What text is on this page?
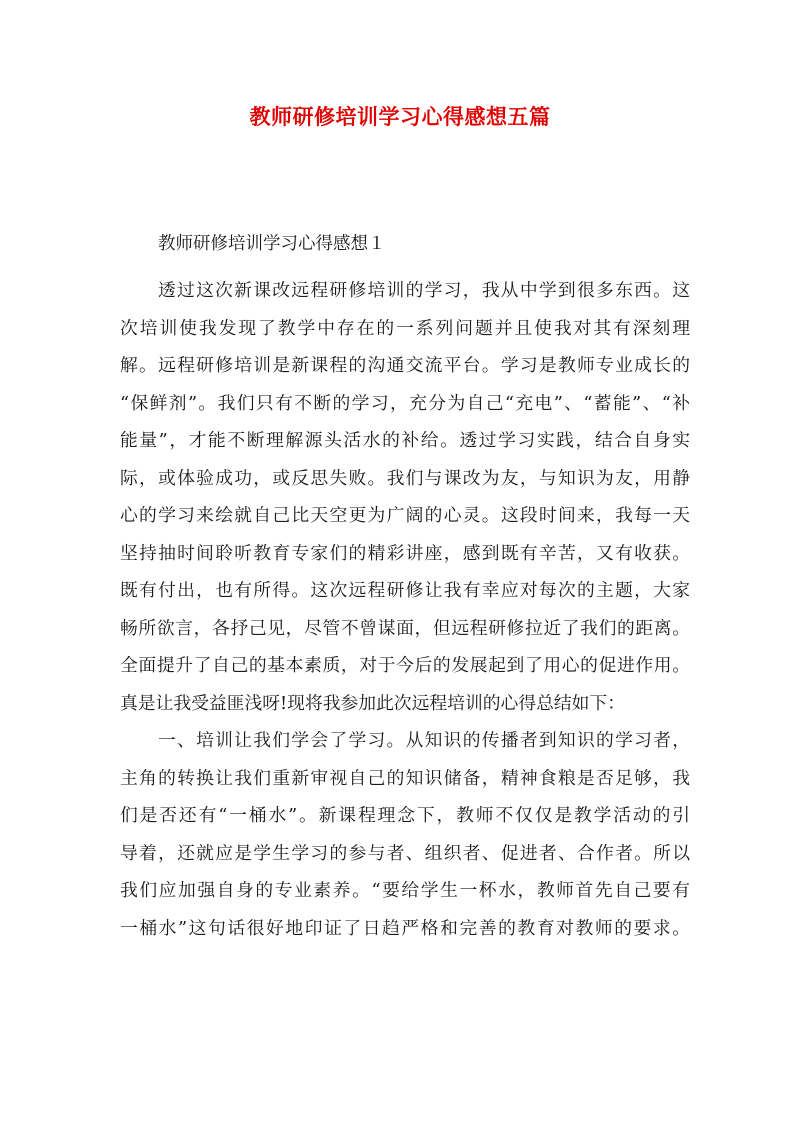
教师研修培训学习心得感想五篇
教师研修培训学习心得感想１

透过这次新课改远程研修培训的学习，我从中学到很多东西。这

次培训使我发现了教学中存在的一系列问题并且使我对其有深刻理

解。远程研修培训是新课程的沟通交流平台。学习是教师专业成长的

“保鲜剂”。我们只有不断的学习，充分为自己“充电”、“蓄能”、“补

能量”，才能不断理解源头活水的补给。透过学习实践，结合自身实

际，或体验成功，或反思失败。我们与课改为友，与知识为友，用静

心的学习来绘就自己比天空更为广阔的心灵。这段时间来，我每一天

坚持抽时间聆听教育专家们的精彩讲座，感到既有辛苦，又有收获。

既有付出，也有所得。这次远程研修让我有幸应对每次的主题，大家

畅所欲言，各抒己见，尽管不曾谋面，但远程研修拉近了我们的距离。

全面提升了自己的基本素质，对于今后的发展起到了用心的促进作用。

真是让我受益匪浅呀!现将我参加此次远程培训的心得总结如下：

一、培训让我们学会了学习。从知识的传播者到知识的学习者，

主角的转换让我们重新审视自己的知识储备，精神食粮是否足够，我

们是否还有“一桶水”。新课程理念下，教师不仅仅是教学活动的引

导着，还就应是学生学习的参与者、组织者、促进者、合作者。所以

我们应加强自身的专业素养。“要给学生一杯水，教师首先自己要有

一桶水”这句话很好地印证了日趋严格和完善的教育对教师的要求。
